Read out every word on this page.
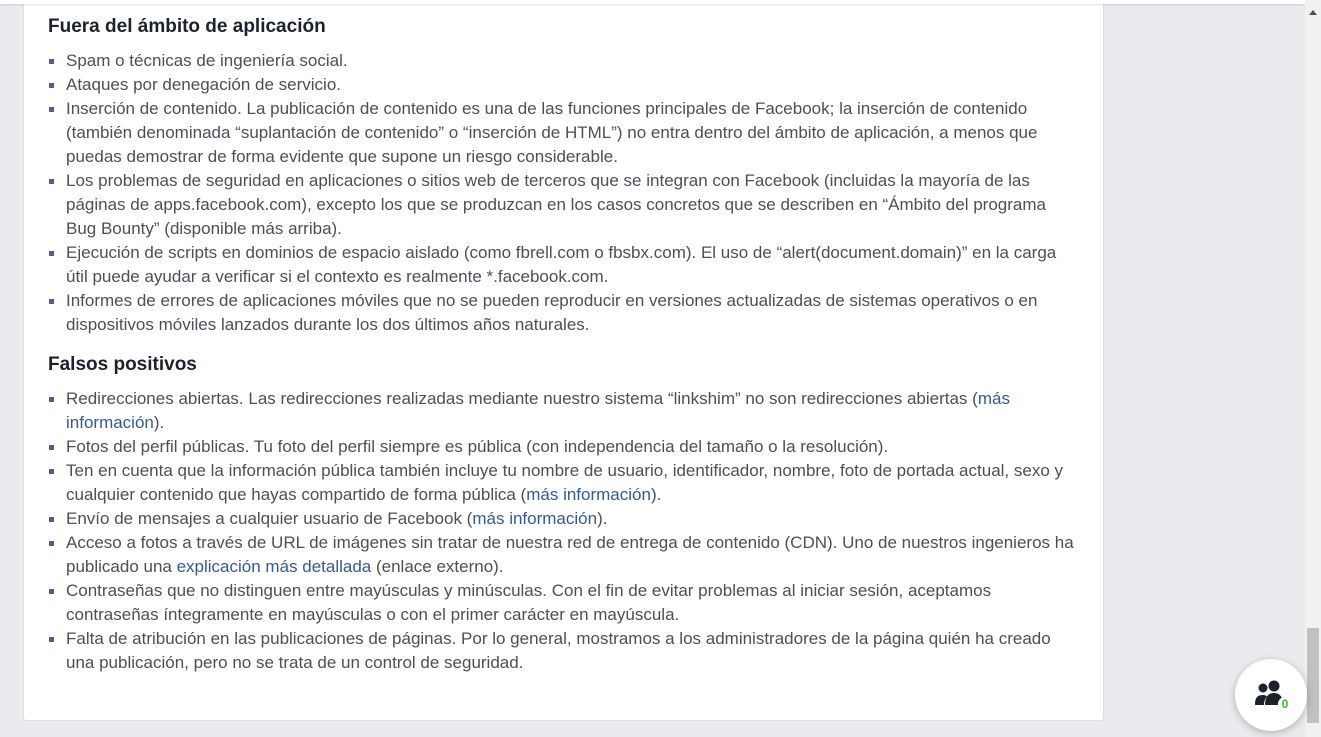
Fuera del ámbito de aplicación
Spam o técnicas de ingeniería social.
Ataques por denegación de servicio.
Inserción de contenido. La publicación de contenido es una de las funciones principales de Facebook; la inserción de contenido (también denominada “suplantación de contenido” o “inserción de HTML”) no entra dentro del ámbito de aplicación, a menos que puedas demostrar de forma evidente que supone un riesgo considerable.
Los problemas de seguridad en aplicaciones o sitios web de terceros que se integran con Facebook (incluidas la mayoría de las páginas de apps.facebook.com), excepto los que se produzcan en los casos concretos que se describen en “Ámbito del programa Bug Bounty” (disponible más arriba).
Ejecución de scripts en dominios de espacio aislado (como fbrell.com o fbsbx.com). El uso de “alert(document.domain)” en la carga útil puede ayudar a verificar si el contexto es realmente *.facebook.com.
Informes de errores de aplicaciones móviles que no se pueden reproducir en versiones actualizadas de sistemas operativos o en dispositivos móviles lanzados durante los dos últimos años naturales.
Falsos positivos
Redirecciones abiertas. Las redirecciones realizadas mediante nuestro sistema “linkshim” no son redirecciones abiertas (más información).
Fotos del perfil públicas. Tu foto del perfil siempre es pública (con independencia del tamaño o la resolución).
Ten en cuenta que la información pública también incluye tu nombre de usuario, identificador, nombre, foto de portada actual, sexo y cualquier contenido que hayas compartido de forma pública (más información).
Envío de mensajes a cualquier usuario de Facebook (más información).
Acceso a fotos a través de URL de imágenes sin tratar de nuestra red de entrega de contenido (CDN). Uno de nuestros ingenieros ha publicado una explicación más detallada (enlace externo).
Contraseñas que no distinguen entre mayúsculas y minúsculas. Con el fin de evitar problemas al iniciar sesión, aceptamos contraseñas íntegramente en mayúsculas o con el primer carácter en mayúscula.
Falta de atribución en las publicaciones de páginas. Por lo general, mostramos a los administradores de la página quién ha creado una publicación, pero no se trata de un control de seguridad.
0
